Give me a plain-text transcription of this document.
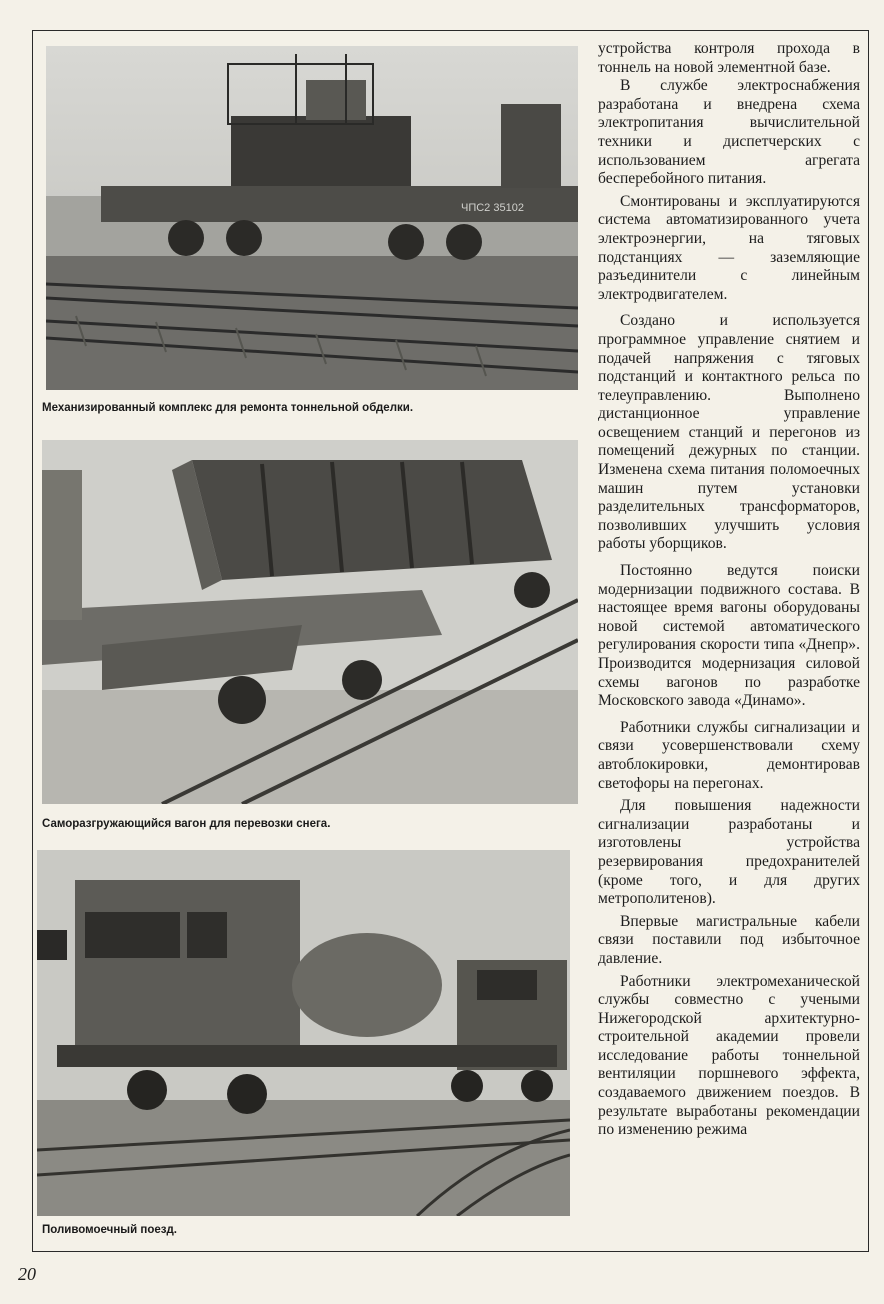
ЧПС2 35102
Механизированный комплекс для ремонта тоннельной обделки.
Саморазгружающийся вагон для перевозки снега.
Поливомоечный поезд.

устройства контроля прохода в тоннель на новой элементной базе.

В службе электроснабжения разработана и внедрена схема электропитания вычислительной техники и диспетчерских с использованием агрегата бесперебойного питания.

Смонтированы и эксплуатируются система автоматизированного учета электроэнергии, на тяговых подстанциях — заземляющие разъединители с линейным электродвигателем.

Создано и используется программное управление снятием и подачей напряжения с тяговых подстанций и контактного рельса по телеуправлению. Выполнено дистанционное управление освещением станций и перегонов из помещений дежурных по станции. Изменена схема питания поломоечных машин путем установки разделительных трансформаторов, позволивших улучшить условия работы уборщиков.

Постоянно ведутся поиски модернизации подвижного состава. В настоящее время вагоны оборудованы новой системой автоматического регулирования скорости типа «Днепр». Производится модернизация силовой схемы вагонов по разработке Московского завода «Динамо».

Работники службы сигнализации и связи усовершенствовали схему автоблокировки, демонтировав светофоры на перегонах.

Для повышения надежности сигнализации разработаны и изготовлены устройства резервирования предохранителей (кроме того, и для других метрополитенов).

Впервые магистральные кабели связи поставили под избыточное давление.

Работники электромеханической службы совместно с учеными Нижегородской архитектурно-строительной академии провели исследование работы тоннельной вентиляции поршневого эффекта, создаваемого движением поездов. В результате выработаны рекомендации по изменению режима

20
